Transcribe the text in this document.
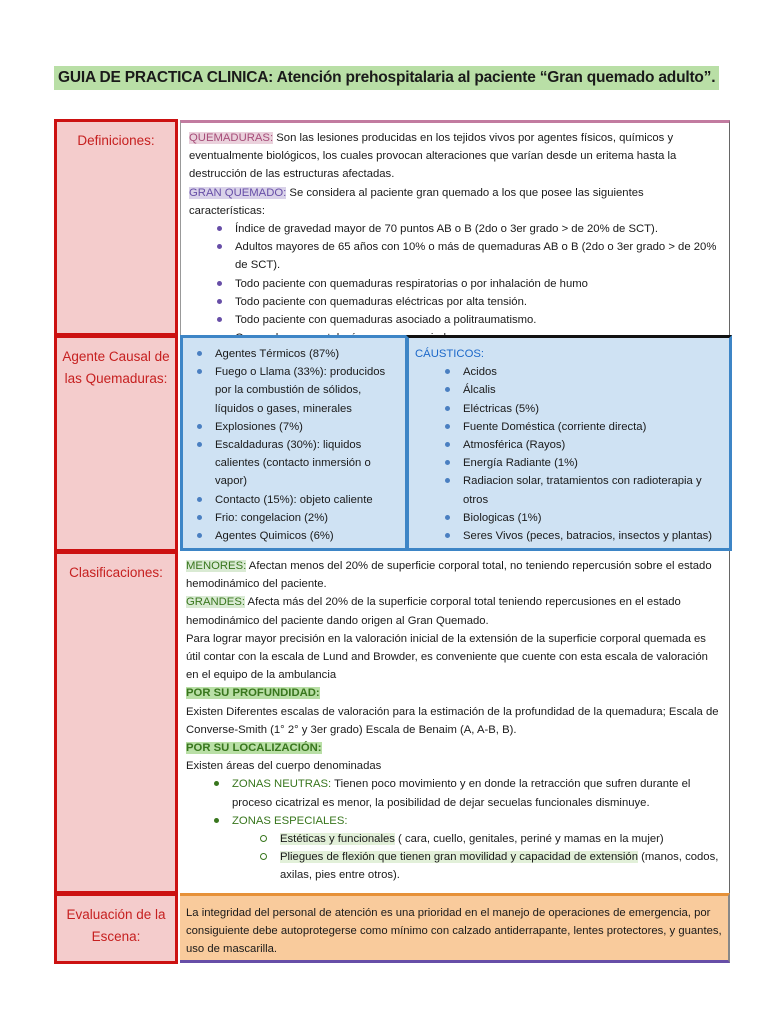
GUIA DE PRACTICA CLINICA: Atención prehospitalaria al paciente “Gran quemado adulto”.
Definiciones:	QUEMADURAS: Son las lesiones producidas en los tejidos vivos por agentes físicos, químicos y eventualmente biológicos, los cuales provocan alteraciones que varían desde un eritema hasta la destrucción de las estructuras afectadas.

GRAN QUEMADO: Se considera al paciente gran quemado a los que posee las siguientes características:

Índice de gravedad mayor de 70 puntos AB o B (2do o 3er grado > de 20% de SCT).
Adultos mayores de 65 años con 10% o más de quemaduras AB o B (2do o 3er grado > de 20% de SCT).
Todo paciente con quemaduras respiratorias o por inhalación de humo
Todo paciente con quemaduras eléctricas por alta tensión.
Todo paciente con quemaduras asociado a politraumatismo.
Agente Causal de las Quemaduras:
Agentes Térmicos (87%)
Fuego o Llama (33%): producidos por la combustión de sólidos, líquidos o gases, minerales
Explosiones (7%)
Escaldaduras (30%): liquidos calientes (contacto inmersión o vapor)
Contacto (15%): objeto caliente
Frio: congelacion (2%)
Agentes Quimicos (6%)

CÁUSTICOS:

Acidos
Álcalis
Eléctricas (5%)
Fuente Doméstica (corriente directa)
Atmosférica (Rayos)
Energía Radiante (1%)
Radiacion solar, tratamientos con radioterapia y otros
Biologicas (1%)
Seres Vivos (peces, batracios, insectos y plantas)
Clasificaciones:	MENORES: Afectan menos del 20% de superficie corporal total, no teniendo repercusión sobre el estado hemodinámico del paciente.

GRANDES: Afecta más del 20% de la superficie corporal total teniendo repercusiones en el estado hemodinámico del paciente dando origen al Gran Quemado.

Para lograr mayor precisión en la valoración inicial de la extensión de la superficie corporal quemada es útil contar con la escala de Lund and Browder, es conveniente que cuente con esta escala de valoración en el equipo de la ambulancia

POR SU PROFUNDIDAD:

Existen Diferentes escalas de valoración para la estimación de la profundidad de la quemadura; Escala de Converse-Smith (1° 2° y 3er grado) Escala de Benaim (A, A-B, B).

POR SU LOCALIZACIÓN:

Existen áreas del cuerpo denominadas

ZONAS NEUTRAS: Tienen poco movimiento y en donde la retracción que sufren durante el proceso cicatrizal es menor, la posibilidad de dejar secuelas funcionales disminuye.
ZONAS ESPECIALES:
Estéticas y funcionales ( cara, cuello, genitales, periné y mamas en la mujer)
Pliegues de flexión que tienen gran movilidad y capacidad de extensión (manos, codos, axilas, pies entre otros).
Evaluación de la Escena:

La integridad del personal de atención es una prioridad en el manejo de operaciones de emergencia, por consiguiente debe autoprotegerse como mínimo con calzado antiderrapante, lentes protectores, y guantes, uso de mascarilla.
